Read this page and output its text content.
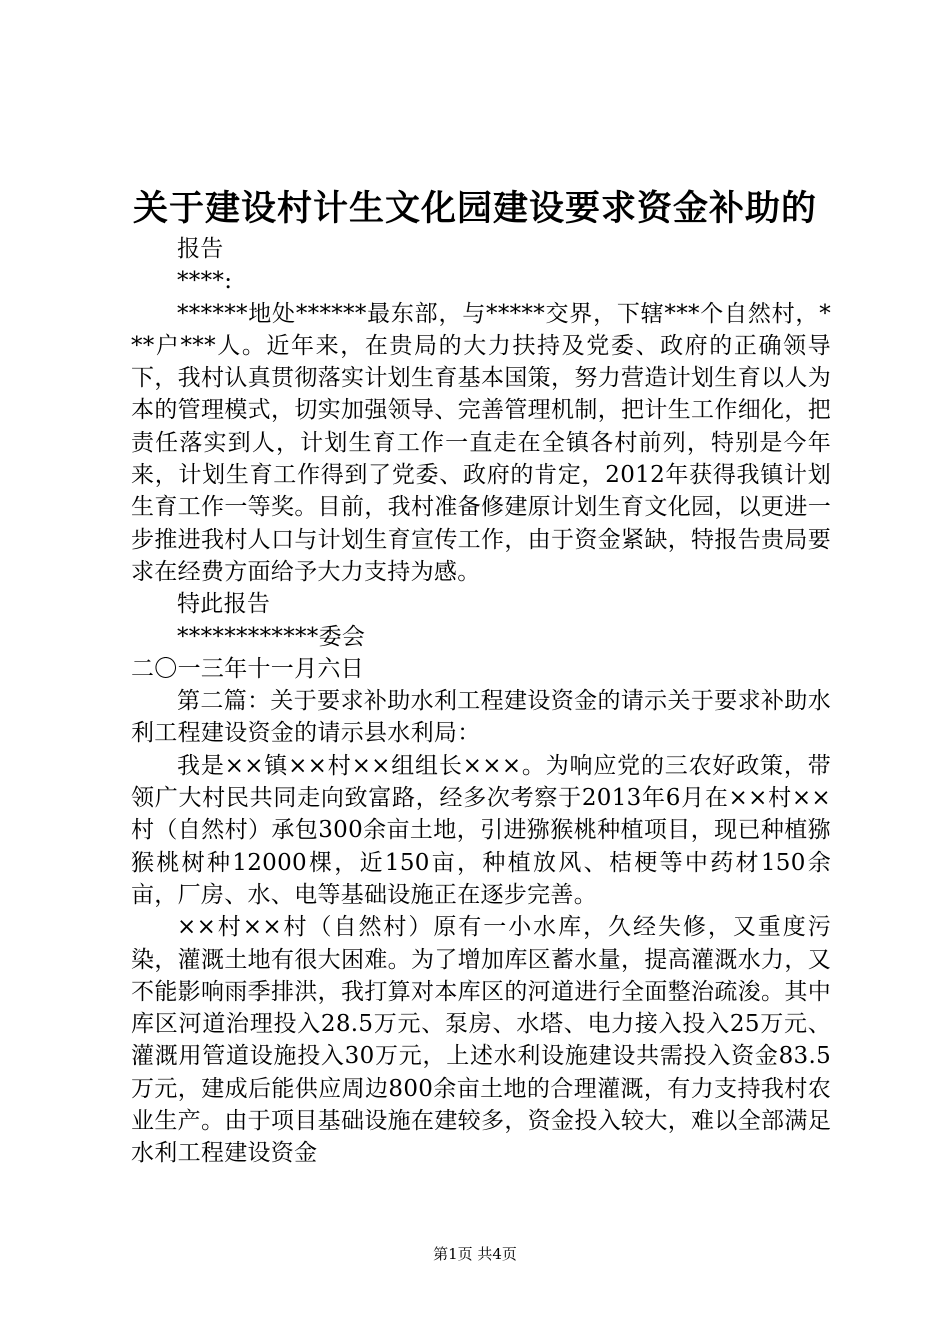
关于建设村计生文化园建设要求资金补助的

报告

****:

******地处******最东部，与*****交界，下辖***个自然村，***户***人。近年来，在贵局的大力扶持及党委、政府的正确领导下，我村认真贯彻落实计划生育基本国策，努力营造计划生育以人为本的管理模式，切实加强领导、完善管理机制，把计生工作细化，把责任落实到人，计划生育工作一直走在全镇各村前列，特别是今年来，计划生育工作得到了党委、政府的肯定，2012年获得我镇计划生育工作一等奖。目前，我村准备修建原计划生育文化园，以更进一步推进我村人口与计划生育宣传工作，由于资金紧缺，特报告贵局要求在经费方面给予大力支持为感。

特此报告

************委会

二〇一三年十一月六日

第二篇：关于要求补助水利工程建设资金的请示关于要求补助水利工程建设资金的请示县水利局：

我是××镇××村××组组长×××。为响应党的三农好政策，带领广大村民共同走向致富路，经多次考察于2013年6月在××村××村（自然村）承包300余亩土地，引进猕猴桃种植项目，现已种植猕猴桃树种12000棵，近150亩，种植放风、桔梗等中药材150余亩，厂房、水、电等基础设施正在逐步完善。

××村××村（自然村）原有一小水库，久经失修，又重度污染，灌溉土地有很大困难。为了增加库区蓄水量，提高灌溉水力，又不能影响雨季排洪，我打算对本库区的河道进行全面整治疏浚。其中库区河道治理投入28.5万元、泵房、水塔、电力接入投入25万元、灌溉用管道设施投入30万元，上述水利设施建设共需投入资金83.5万元，建成后能供应周边800余亩土地的合理灌溉，有力支持我村农业生产。由于项目基础设施在建较多，资金投入较大，难以全部满足水利工程建设资金

第1页 共4页
